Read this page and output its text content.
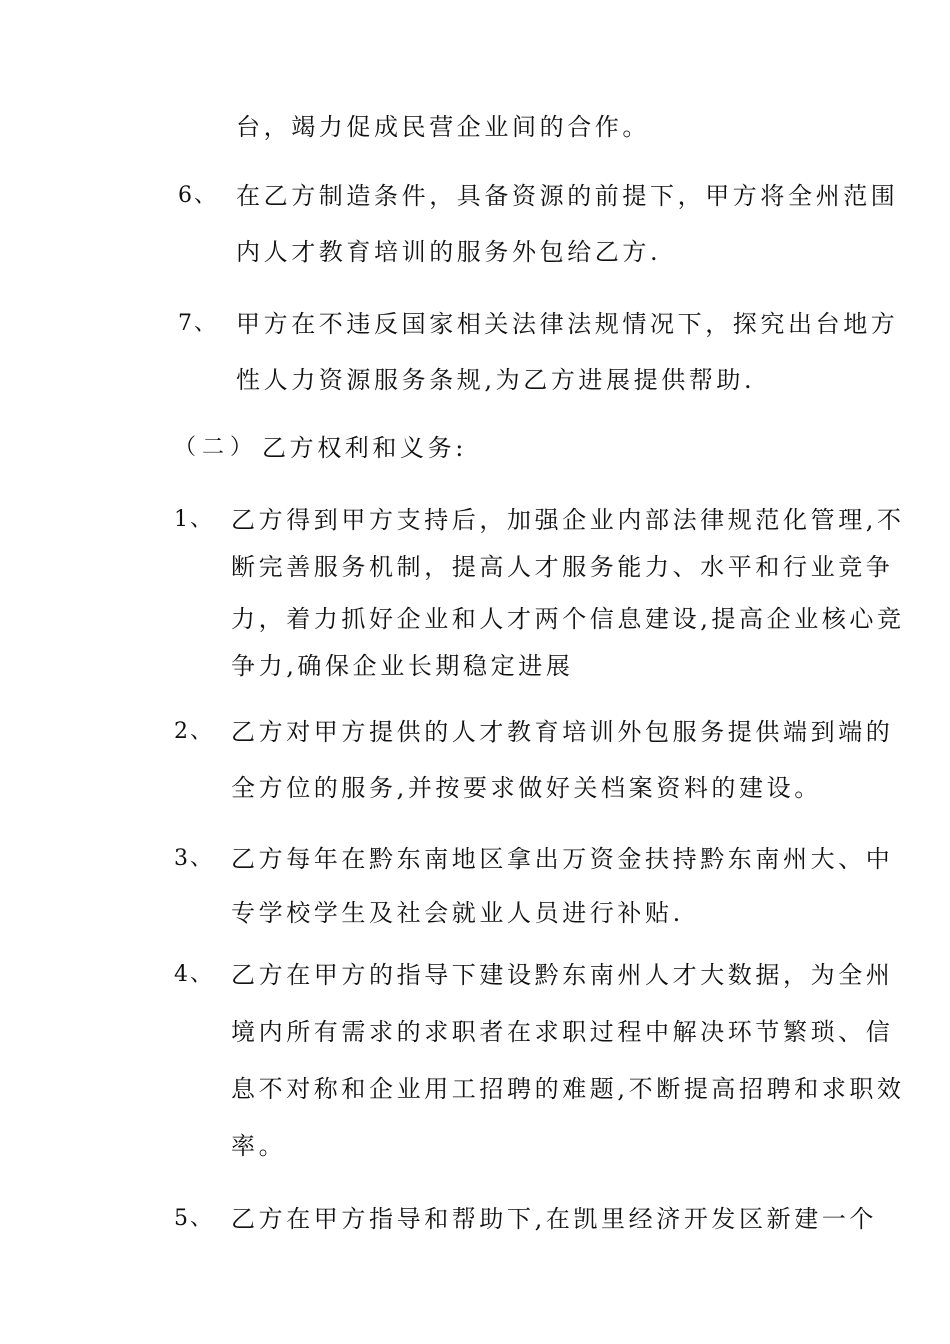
台，竭力促成民营企业间的合作。
6、 在乙方制造条件，具备资源的前提下，甲方将全州范围
内人才教育培训的服务外包给乙方.
7、 甲方在不违反国家相关法律法规情况下，探究出台地方
性人力资源服务条规,为乙方进展提供帮助.
（二） 乙方权利和义务:
1、 乙方得到甲方支持后，加强企业内部法律规范化管理,不
断完善服务机制，提高人才服务能力、水平和行业竞争
力，着力抓好企业和人才两个信息建设,提高企业核心竞
争力,确保企业长期稳定进展
2、 乙方对甲方提供的人才教育培训外包服务提供端到端的
全方位的服务,并按要求做好关档案资料的建设。
3、 乙方每年在黔东南地区拿出万资金扶持黔东南州大、中
专学校学生及社会就业人员进行补贴.
4、 乙方在甲方的指导下建设黔东南州人才大数据，为全州
境内所有需求的求职者在求职过程中解决环节繁琐、信
息不对称和企业用工招聘的难题,不断提高招聘和求职效
率。
5、 乙方在甲方指导和帮助下,在凯里经济开发区新建一个
